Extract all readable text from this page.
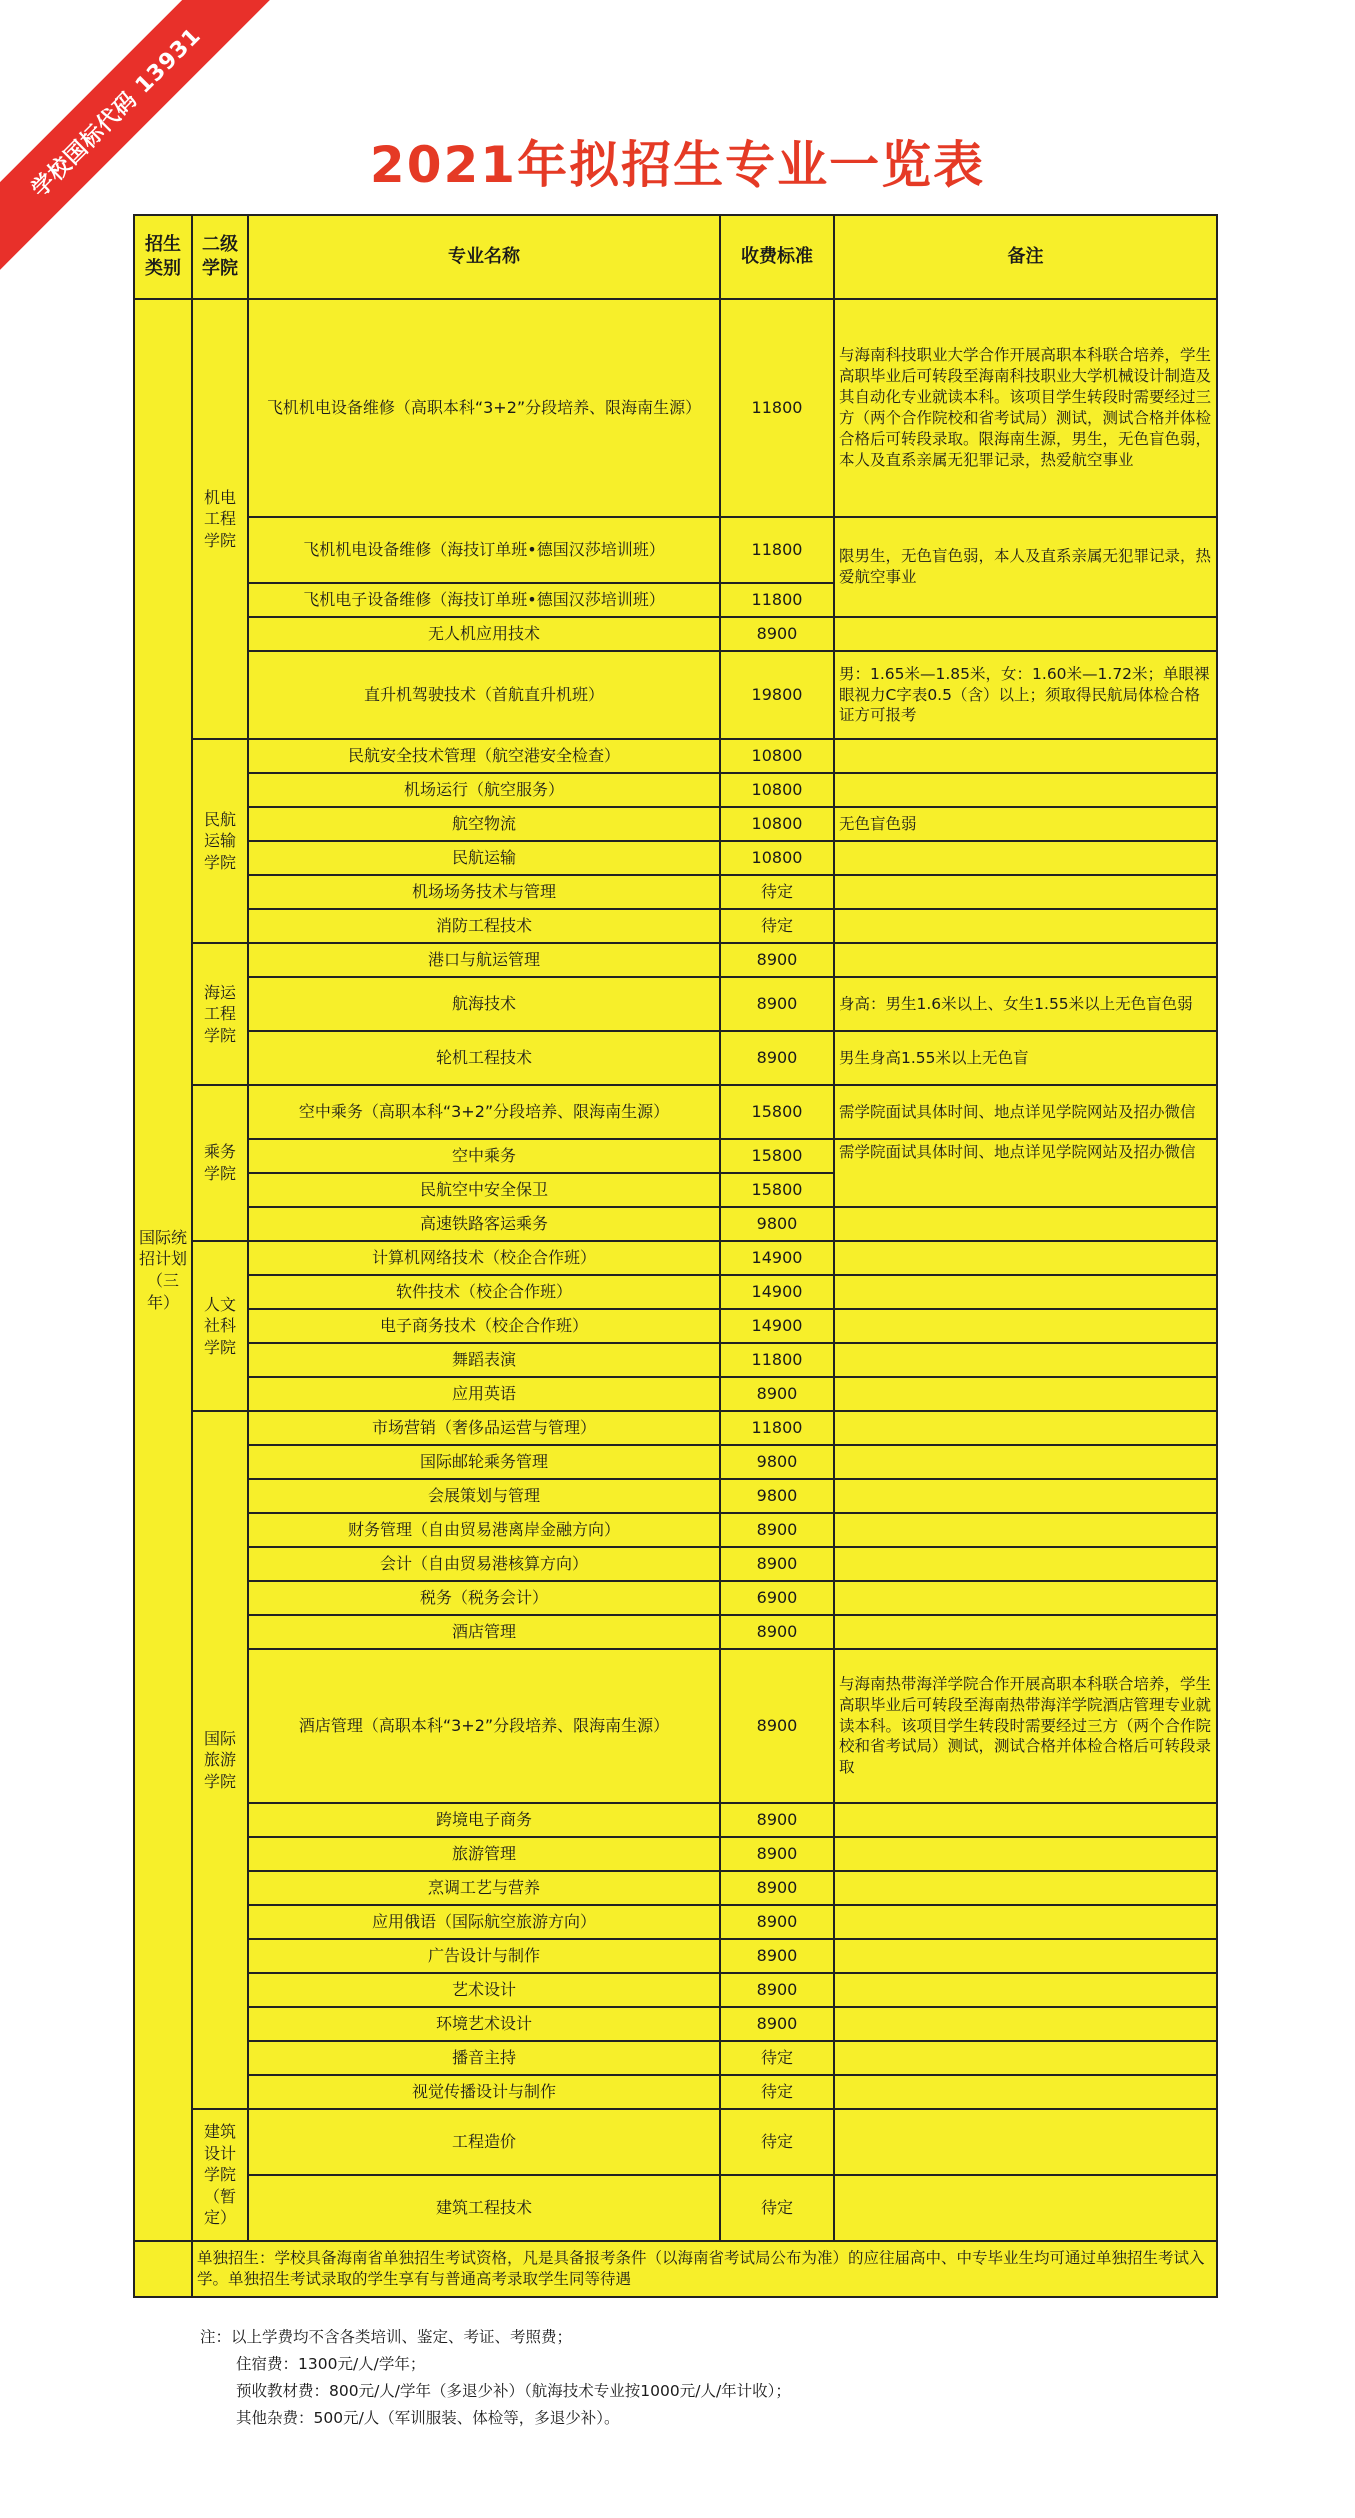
学校国标代码 13931	2021年拟招生专业一览表
招生类别	二级学院	专业名称	收费标准	备注
国际统招计划（三年）	机电工程学院	飞机机电设备维修（高职本科“3+2”分段培养、限海南生源）	11800	与海南科技职业大学合作开展高职本科联合培养，学生高职毕业后可转段至海南科技职业大学机械设计制造及其自动化专业就读本科。该项目学生转段时需要经过三方（两个合作院校和省考试局）测试，测试合格并体检合格后可转段录取。限海南生源，男生，无色盲色弱，本人及直系亲属无犯罪记录，热爱航空事业
		飞机机电设备维修（海技订单班•德国汉莎培训班）	11800	限男生，无色盲色弱，本人及直系亲属无犯罪记录，热爱航空事业
		飞机电子设备维修（海技订单班•德国汉莎培训班）	11800	
		无人机应用技术	8900	
		直升机驾驶技术（首航直升机班）	19800	男：1.65米—1.85米，女：1.60米—1.72米；单眼裸眼视力C字表0.5（含）以上；须取得民航局体检合格证方可报考
	民航运输学院	民航安全技术管理（航空港安全检查）	10800	
		机场运行（航空服务）	10800	
		航空物流	10800	无色盲色弱
		民航运输	10800	
		机场场务技术与管理	待定	
		消防工程技术	待定	
	海运工程学院	港口与航运管理	8900	
		航海技术	8900	身高：男生1.6米以上、女生1.55米以上无色盲色弱
		轮机工程技术	8900	男生身高1.55米以上无色盲
	乘务学院	空中乘务（高职本科“3+2”分段培养、限海南生源）	15800	需学院面试具体时间、地点详见学院网站及招办微信
		空中乘务	15800	需学院面试具体时间、地点详见学院网站及招办微信
		民航空中安全保卫	15800	
		高速铁路客运乘务	9800	
	人文社科学院	计算机网络技术（校企合作班）	14900	
		软件技术（校企合作班）	14900	
		电子商务技术（校企合作班）	14900	
		舞蹈表演	11800	
		应用英语	8900	
	国际旅游学院	市场营销（奢侈品运营与管理）	11800	
		国际邮轮乘务管理	9800	
		会展策划与管理	9800	
		财务管理（自由贸易港离岸金融方向）	8900	
		会计（自由贸易港核算方向）	8900	
		税务（税务会计）	6900	
		酒店管理	8900	
		酒店管理（高职本科“3+2”分段培养、限海南生源）	8900	与海南热带海洋学院合作开展高职本科联合培养，学生高职毕业后可转段至海南热带海洋学院酒店管理专业就读本科。该项目学生转段时需要经过三方（两个合作院校和省考试局）测试，测试合格并体检合格后可转段录取
		跨境电子商务	8900	
		旅游管理	8900	
		烹调工艺与营养	8900	
		应用俄语（国际航空旅游方向）	8900	
		广告设计与制作	8900	
		艺术设计	8900	
		环境艺术设计	8900	
		播音主持	待定	
		视觉传播设计与制作	待定	
	建筑设计学院（暂定）	工程造价	待定	
		建筑工程技术	待定	
	单独招生：学校具备海南省单独招生考试资格，凡是具备报考条件（以海南省考试局公布为准）的应往届高中、中专毕业生均可通过单独招生考试入学。单独招生考试录取的学生享有与普通高考录取学生同等待遇			
注：以上学费均不含各类培训、鉴定、考证、考照费；
住宿费：1300元/人/学年；
预收教材费：800元/人/学年（多退少补）（航海技术专业按1000元/人/年计收）；
其他杂费：500元/人（军训服装、体检等，多退少补）。
